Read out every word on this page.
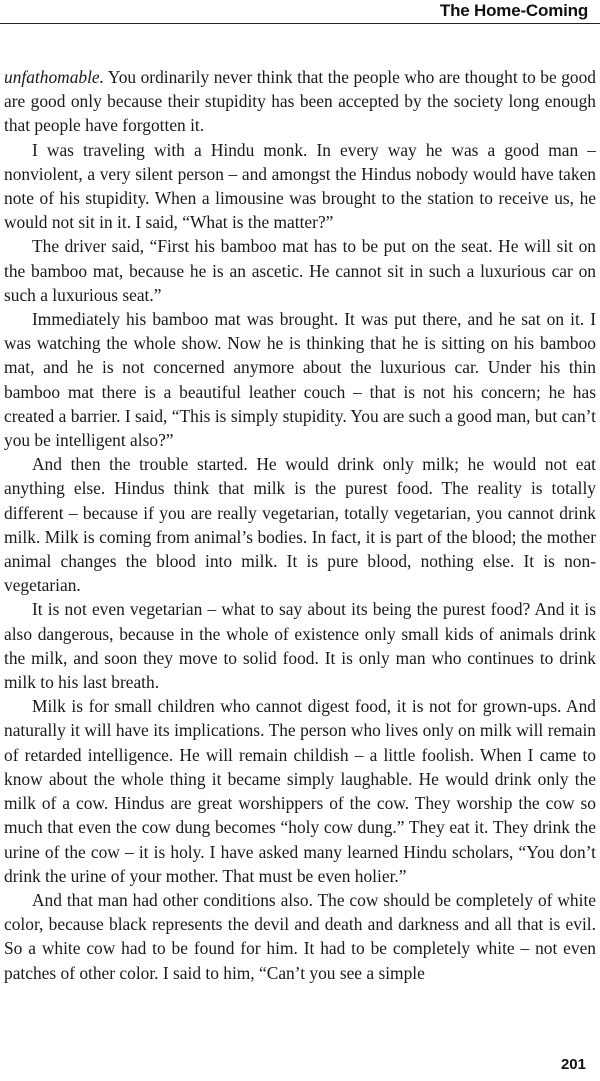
The Home-Coming

unfathomable. You ordinarily never think that the people who are thought to be good are good only because their stupidity has been accepted by the society long enough that people have forgotten it.

I was traveling with a Hindu monk. In every way he was a good man – nonviolent, a very silent person – and amongst the Hindus nobody would have taken note of his stupidity. When a limousine was brought to the station to receive us, he would not sit in it. I said, “What is the matter?”

The driver said, “First his bamboo mat has to be put on the seat. He will sit on the bamboo mat, because he is an ascetic. He cannot sit in such a luxurious car on such a luxurious seat.”

Immediately his bamboo mat was brought. It was put there, and he sat on it. I was watching the whole show. Now he is thinking that he is sitting on his bamboo mat, and he is not concerned anymore about the luxurious car. Under his thin bamboo mat there is a beautiful leather couch – that is not his concern; he has created a barrier. I said, “This is simply stupidity. You are such a good man, but can’t you be intelligent also?”

And then the trouble started. He would drink only milk; he would not eat anything else. Hindus think that milk is the purest food. The reality is totally different – because if you are really vegetarian, totally vegetarian, you cannot drink milk. Milk is coming from animal’s bodies. In fact, it is part of the blood; the mother animal changes the blood into milk. It is pure blood, nothing else. It is non-vegetarian.

It is not even vegetarian – what to say about its being the purest food? And it is also dangerous, because in the whole of existence only small kids of animals drink the milk, and soon they move to solid food. It is only man who continues to drink milk to his last breath.

Milk is for small children who cannot digest food, it is not for grown-ups. And naturally it will have its implications. The person who lives only on milk will remain of retarded intelligence. He will remain childish – a little foolish. When I came to know about the whole thing it became simply laughable. He would drink only the milk of a cow. Hindus are great worshippers of the cow. They worship the cow so much that even the cow dung becomes “holy cow dung.” They eat it. They drink the urine of the cow – it is holy. I have asked many learned Hindu scholars, “You don’t drink the urine of your mother. That must be even holier.”

And that man had other conditions also. The cow should be completely of white color, because black represents the devil and death and darkness and all that is evil. So a white cow had to be found for him. It had to be completely white – not even patches of other color. I said to him, “Can’t you see a simple

201
